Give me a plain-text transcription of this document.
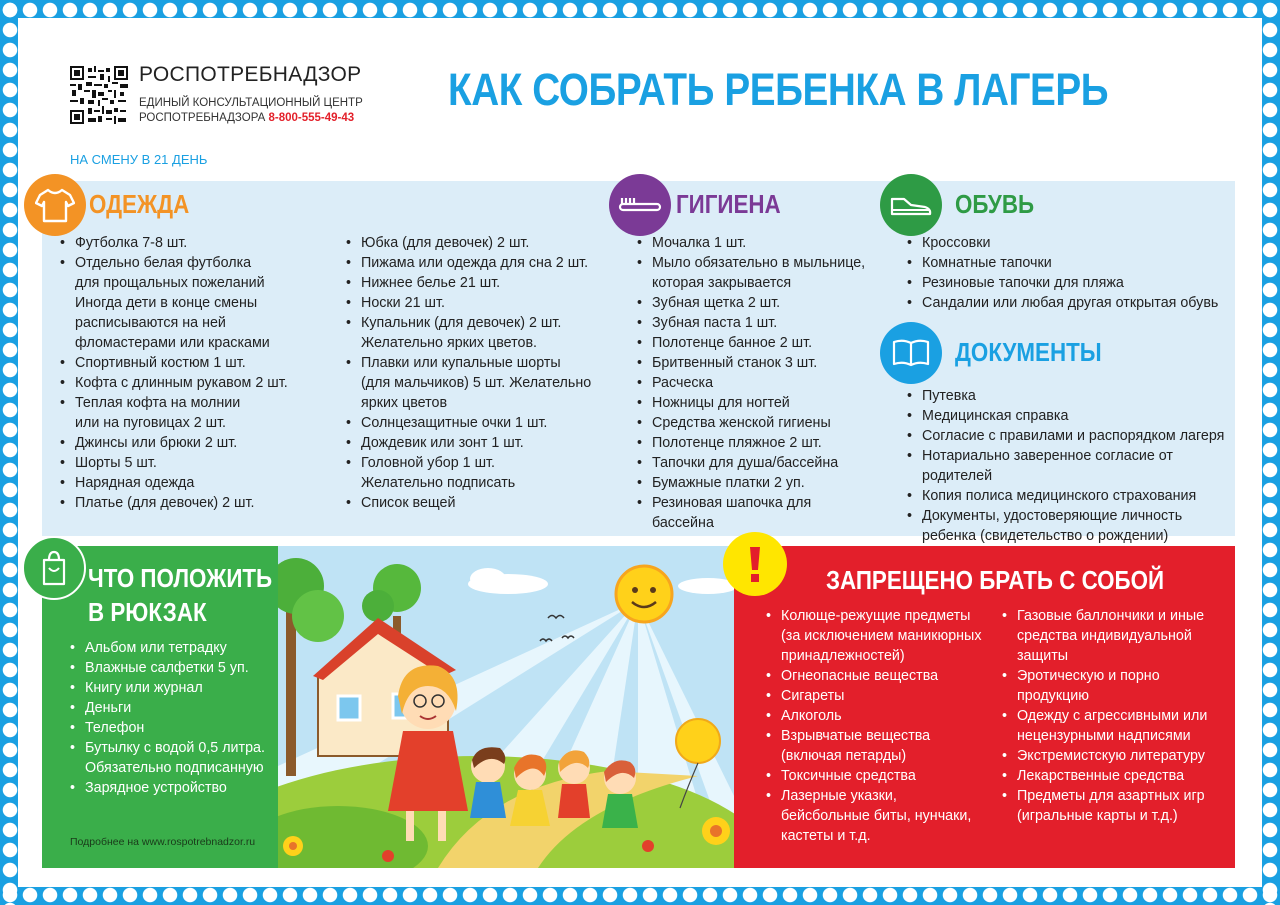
РОСПОТРЕБНАДЗОР
ЕДИНЫЙ КОНСУЛЬТАЦИОННЫЙ ЦЕНТР
РОСПОТРЕБНАДЗОРА 8-800-555-49-43
КАК СОБРАТЬ РЕБЕНКА В ЛАГЕРЬ
НА СМЕНУ В 21 ДЕНЬ
ОДЕЖДА
• Футболка 7-8 шт.
• Отдельно белая футболка
для прощальных пожеланий
Иногда дети в конце смены
расписываются на ней
фломастерами или красками
• Спортивный костюм 1 шт.
• Кофта с длинным рукавом 2 шт.
• Теплая кофта на молнии
или на пуговицах 2 шт.
• Джинсы или брюки 2 шт.
• Шорты 5 шт.
• Нарядная одежда
• Платье (для девочек) 2 шт.
• Юбка (для девочек) 2 шт.
• Пижама или одежда для сна 2 шт.
• Нижнее белье 21 шт.
• Носки 21 шт.
• Купальник (для девочек) 2 шт.
Желательно ярких цветов.
• Плавки или купальные шорты
(для мальчиков) 5 шт. Желательно
ярких цветов
• Солнцезащитные очки 1 шт.
• Дождевик или зонт 1 шт.
• Головной убор 1 шт.
Желательно подписать
• Список вещей
ГИГИЕНА
• Мочалка 1 шт.
• Мыло обязательно в мыльнице,
которая закрывается
• Зубная щетка 2 шт.
• Зубная паста 1 шт.
• Полотенце банное 2 шт.
• Бритвенный станок 3 шт.
• Расческа
• Ножницы для ногтей
• Средства женской гигиены
• Полотенце пляжное 2 шт.
• Тапочки для душа/бассейна
• Бумажные платки 2 уп.
• Резиновая шапочка для бассейна
ОБУВЬ
• Кроссовки
• Комнатные тапочки
• Резиновые тапочки для пляжа
• Сандалии или любая другая открытая обувь
ДОКУМЕНТЫ
• Путевка
• Медицинская справка
• Согласие с правилами и распорядком лагеря
• Нотариально заверенное согласие от родителей
• Копия полиса медицинского страхования
• Документы, удостоверяющие личность
ребенка (свидетельство о рождении)
ЧТО ПОЛОЖИТЬ
В РЮКЗАК
• Альбом или тетрадку
• Влажные салфетки 5 уп.
• Книгу или журнал
• Деньги
• Телефон
• Бутылку с водой 0,5 литра.
Обязательно подписанную
• Зарядное устройство
Подробнее на www.rospotrebnadzor.ru
ЗАПРЕЩЕНО БРАТЬ С СОБОЙ
• Колюще-режущие предметы
(за исключением маникюрных
принадлежностей)
• Огнеопасные вещества
• Сигареты
• Алкоголь
• Взрывчатые вещества
(включая петарды)
• Токсичные средства
• Лазерные указки,
бейсбольные биты, нунчаки,
кастеты и т.д.
• Газовые баллончики и иные
средства индивидуальной
защиты
• Эротическую и порно
продукцию
• Одежду с агрессивными или
нецензурными надписями
• Экстремистскую литературу
• Лекарственные средства
• Предметы для азартных игр
(игральные карты и т.д.)
